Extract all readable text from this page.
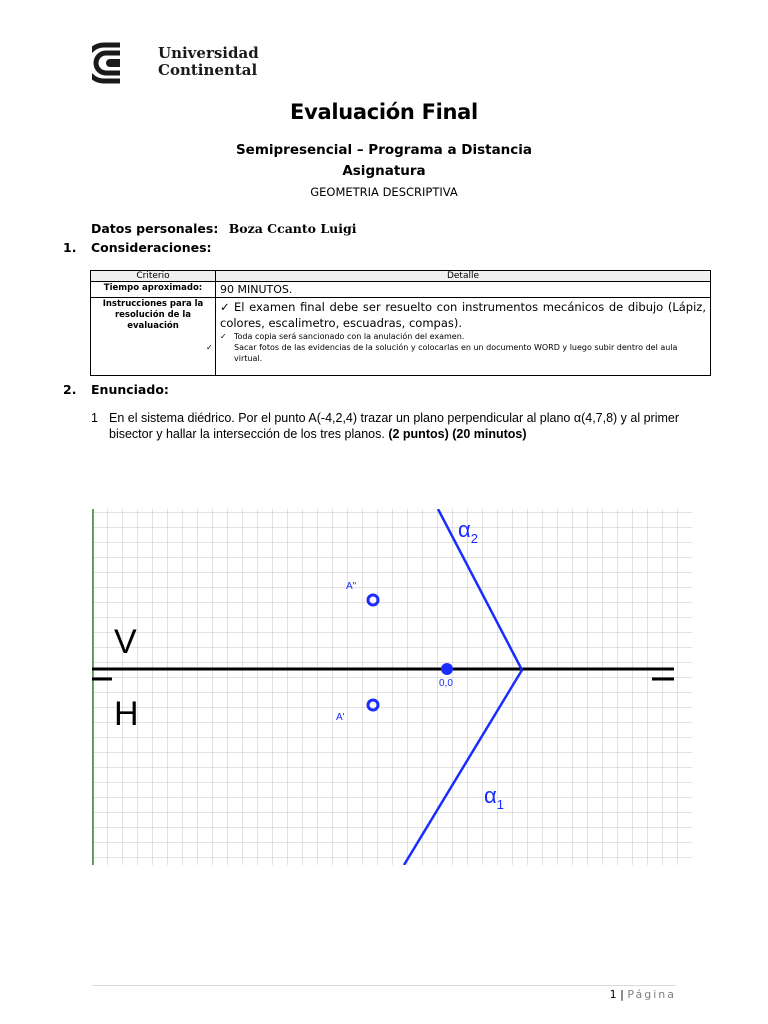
Universidad
Continental
Evaluación Final
Semipresencial – Programa a Distancia
Asignatura
GEOMETRIA DESCRIPTIVA
Datos personales: Boza Ccanto Luigi
1. Consideraciones:
Criterio	Detalle
Tiempo aproximado:	90 MINUTOS.
Instrucciones para la resolución de la evaluación	✓ El examen final debe ser resuelto con instrumentos mecánicos de dibujo (Lápiz, colores, escalimetro, escuadras, compas).
✓ Toda copia será sancionado con la anulación del examen.
✓ Sacar fotos de las evidencias de la solución y colocarlas en un documento WORD y luego subir dentro del aula virtual.
2. Enunciado:
1 En el sistema diédrico. Por el punto A(-4,2,4) trazar un plano perpendicular al plano α(4,7,8) y al primer bisector y hallar la intersección de los tres planos. (2 puntos) (20 minutos)
V
H
A"
A'
0,0
$\alpha_2$
$\alpha_1$
1 | Página
